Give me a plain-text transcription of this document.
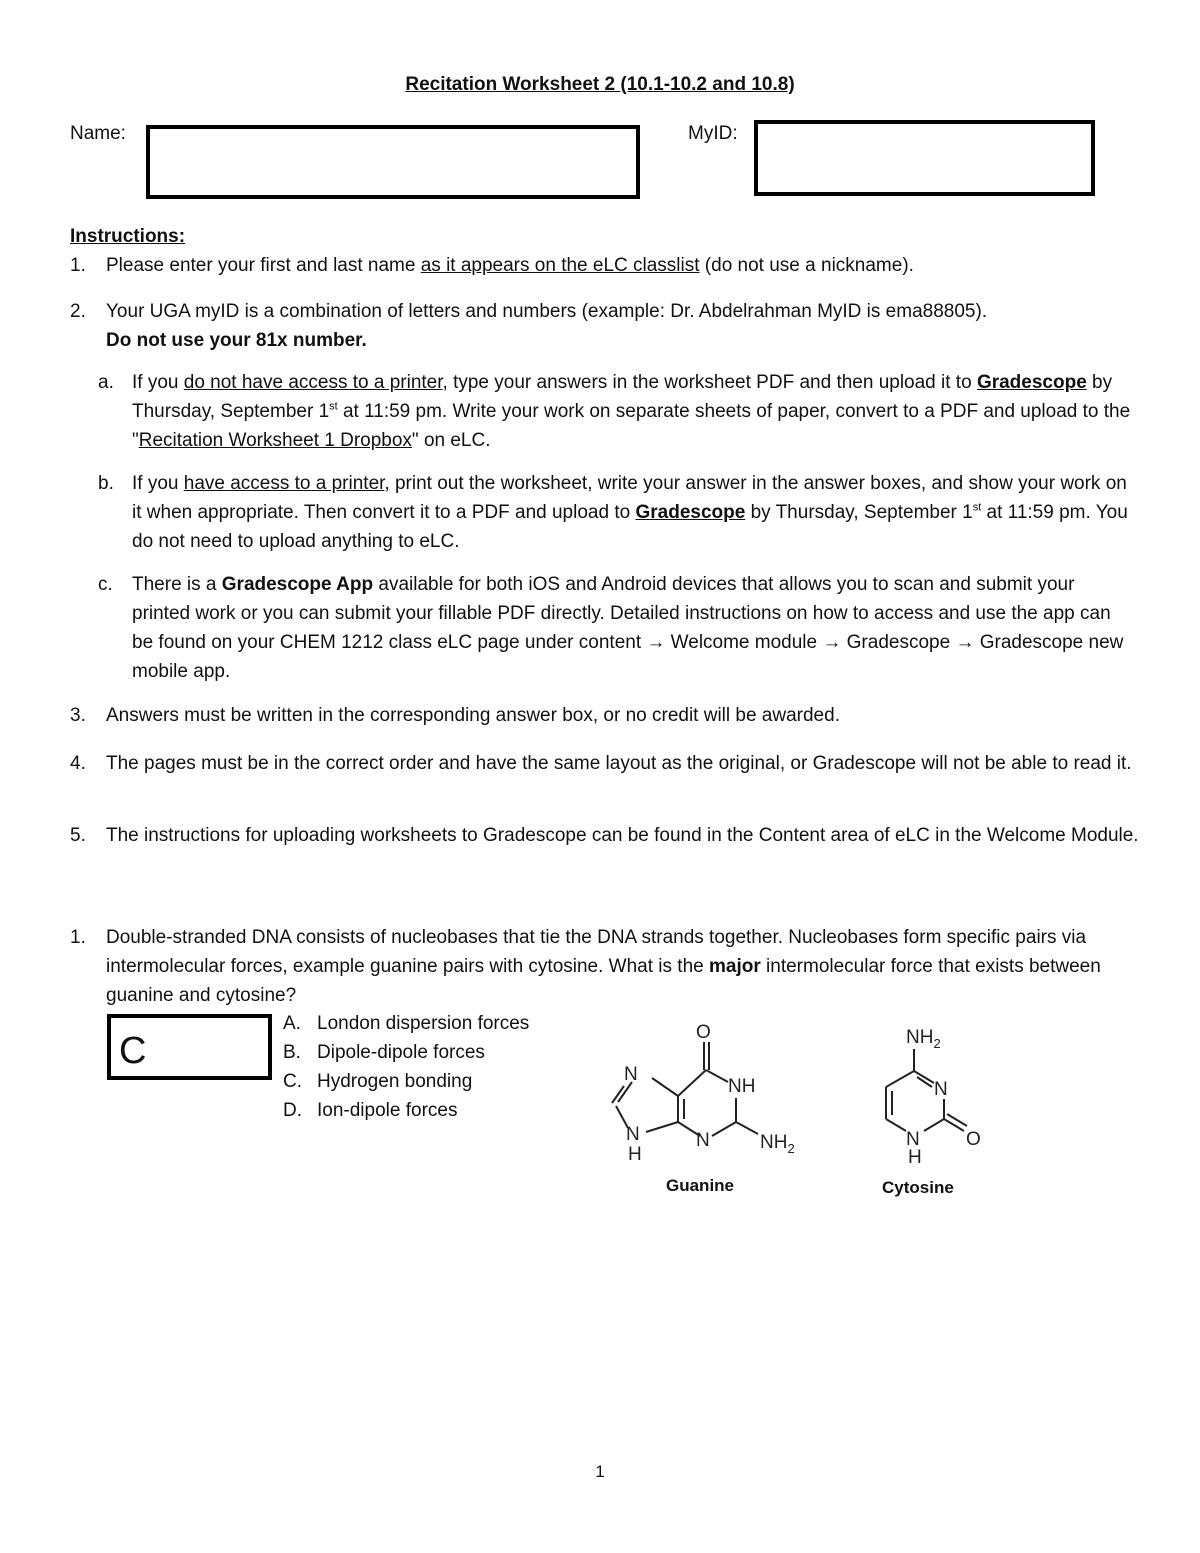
Recitation Worksheet 2 (10.1-10.2 and 10.8)
Name:	MyID:
Instructions:
1. Please enter your first and last name as it appears on the eLC classlist (do not use a nickname).
2. Your UGA myID is a combination of letters and numbers (example: Dr. Abdelrahman MyID is ema88805).
Do not use your 81x number.
a. If you do not have access to a printer, type your answers in the worksheet PDF and then upload it to Gradescope by Thursday, September 1st at 11:59 pm. Write your work on separate sheets of paper, convert to a PDF and upload to the "Recitation Worksheet 1 Dropbox" on eLC.
b. If you have access to a printer, print out the worksheet, write your answer in the answer boxes, and show your work on it when appropriate. Then convert it to a PDF and upload to Gradescope by Thursday, September 1st at 11:59 pm. You do not need to upload anything to eLC.
c. There is a Gradescope App available for both iOS and Android devices that allows you to scan and submit your printed work or you can submit your fillable PDF directly. Detailed instructions on how to access and use the app can be found on your CHEM 1212 class eLC page under content → Welcome module → Gradescope → Gradescope new mobile app.
3. Answers must be written in the corresponding answer box, or no credit will be awarded.
4. The pages must be in the correct order and have the same layout as the original, or Gradescope will not be able to read it.
5. The instructions for uploading worksheets to Gradescope can be found in the Content area of eLC in the Welcome Module.
1. Double-stranded DNA consists of nucleobases that tie the DNA strands together. Nucleobases form specific pairs via intermolecular forces, example guanine pairs with cytosine. What is the major intermolecular force that exists between guanine and cytosine?
C
A. London dispersion forces
B. Dipole-dipole forces
C. Hydrogen bonding
D. Ion-dipole forces
O
N
NH
N
H
N	$NH_2$
Guanine
$NH_2$
N
N
H
O
Cytosine
1
